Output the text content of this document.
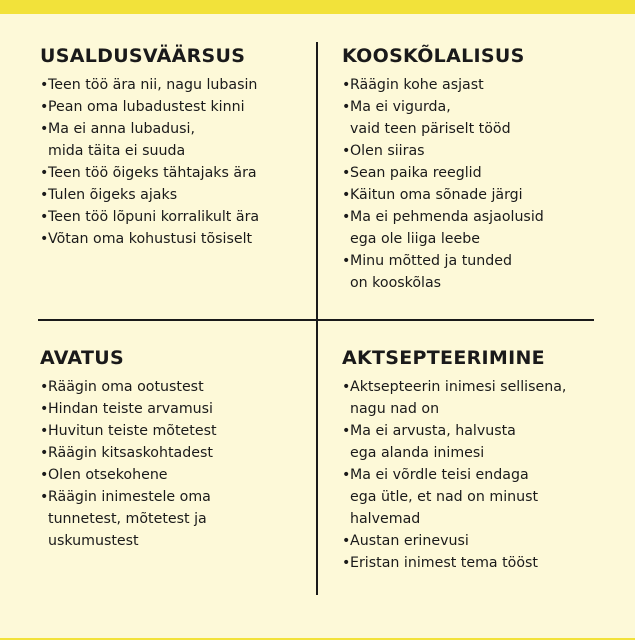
USALDUSVÄÄRSUS
• Teen töö ära nii, nagu lubasin
• Pean oma lubadustest kinni
• Ma ei anna lubadusi,
mida täita ei suuda
• Teen töö õigeks tähtajaks ära
• Tulen õigeks ajaks
• Teen töö lõpuni korralikult ära
• Võtan oma kohustusi tõsiselt
KOOSKÕLALISUS
• Räägin kohe asjast
• Ma ei vigurda,
vaid teen päriselt tööd
• Olen siiras
• Sean paika reeglid
• Käitun oma sõnade järgi
• Ma ei pehmenda asjaolusid
ega ole liiga leebe
• Minu mõtted ja tunded
on kooskõlas
AVATUS
• Räägin oma ootustest
• Hindan teiste arvamusi
• Huvitun teiste mõtetest
• Räägin kitsaskohtadest
• Olen otsekohene
• Räägin inimestele oma
tunnetest, mõtetest ja
uskumustest
AKTSEPTEERIMINE
• Aktsepteerin inimesi sellisena,
nagu nad on
• Ma ei arvusta, halvusta
ega alanda inimesi
• Ma ei võrdle teisi endaga
ega ütle, et nad on minust
halvemad
• Austan erinevusi
• Eristan inimest tema tööst
